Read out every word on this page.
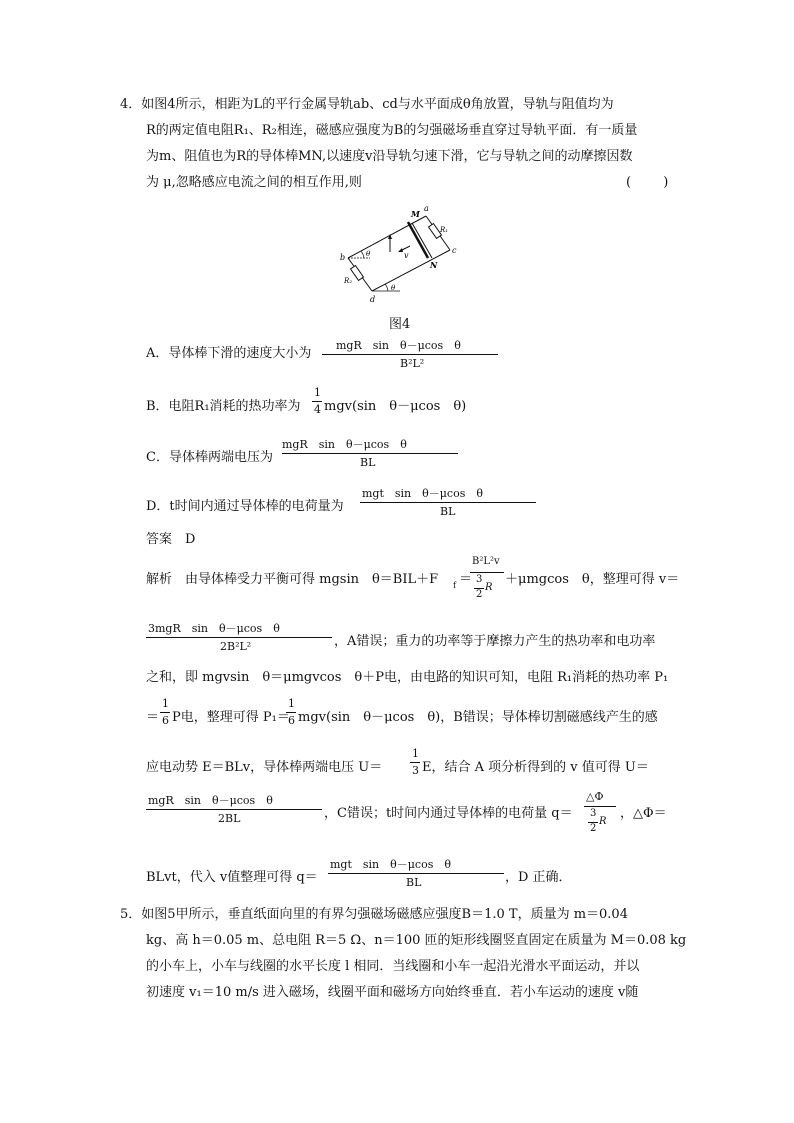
4．如图4所示，相距为L的平行金属导轨ab、cd与水平面成θ角放置，导轨与阻值均为
R的两定值电阻R₁、R₂相连，磁感应强度为B的匀强磁场垂直穿过导轨平面．有一质量
为m、阻值也为R的导体棒MN,以速度v沿导轨匀速下滑，它与导轨之间的动摩擦因数
为 μ,忽略感应电流之间的相互作用,则	( )
M
a
R₁
c
N
v
b	θ
R₂
d
θ
图4
A．导体棒下滑的速度大小为
mgR　sin　θ－μcos　θ
B²L²
B．电阻R₁消耗的热功率为
1
4 mgv(sin　θ－μcos　θ)
C．导体棒两端电压为
mgR　sin　θ－μcos　θ
BL
D．t时间内通过导体棒的电荷量为
mgt　sin　θ－μcos　θ
BL
答案　D
解析　由导体棒受力平衡可得 mgsin　θ＝BIL＋F f ＝
B²L²v
3
2
R
＋μmgcos　θ，整理可得 v＝
3mgR　sin　θ－μcos　θ
2B²L²	，A错误；重力的功率等于摩擦力产生的热功率和电功率
之和，即 mgvsin　θ＝μmgvcos　θ＋P电，由电路的知识可知，电阻 R₁消耗的热功率 P₁
＝
1
6 P电，整理可得 P₁＝
1
6 mgv(sin　θ－μcos　θ)，B错误；导体棒切割磁感线产生的感
应电动势 E＝BLv，导体棒两端电压 U＝
1
3 E，结合 A 项分析得到的 v 值可得 U＝
mgR　sin　θ－μcos　θ
2BL	，C错误；t时间内通过导体棒的电荷量 q＝
△Φ
3
2
R
，△Φ＝
BLvt，代入 v值整理可得 q＝
mgt　sin　θ－μcos　θ
BL	，D 正确．
5．如图5甲所示，垂直纸面向里的有界匀强磁场磁感应强度B＝1.0 T，质量为 m＝0.04
kg、高 h＝0.05 m、总电阻 R＝5 Ω、n＝100 匝的矩形线圈竖直固定在质量为 M＝0.08 kg
的小车上，小车与线圈的水平长度 l 相同．当线圈和小车一起沿光滑水平面运动，并以
初速度 v₁＝10 m/s 进入磁场，线圈平面和磁场方向始终垂直．若小车运动的速度 v随
